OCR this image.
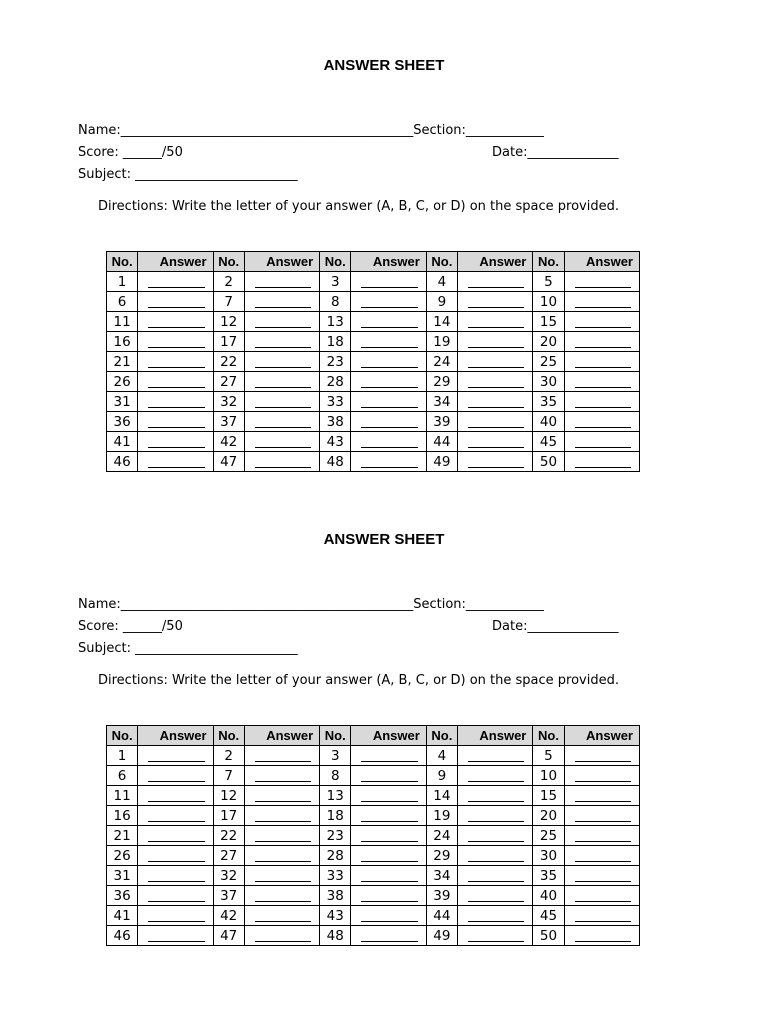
ANSWER SHEET
Name:_____________________________________________Section:____________
Score: ______/50	Date:______________
Subject: _________________________
Directions: Write the letter of your answer (A, B, C, or D) on the space provided.
No.	Answer	No.	Answer	No.	Answer	No.	Answer	No.	Answer
1		2		3		4		5	

6		7		8		9		10	

11		12		13		14		15	

16		17		18		19		20	

21		22		23		24		25	

26		27		28		29		30	

31		32		33		34		35	

36		37		38		39		40	

41		42		43		44		45	

46		47		48		49		50	
ANSWER SHEET
Name:_____________________________________________Section:____________
Score: ______/50	Date:______________
Subject: _________________________
Directions: Write the letter of your answer (A, B, C, or D) on the space provided.
No.	Answer	No.	Answer	No.	Answer	No.	Answer	No.	Answer
1		2		3		4		5	

6		7		8		9		10	

11		12		13		14		15	

16		17		18		19		20	

21		22		23		24		25	

26		27		28		29		30	

31		32		33		34		35	

36		37		38		39		40	

41		42		43		44		45	

46		47		48		49		50	
